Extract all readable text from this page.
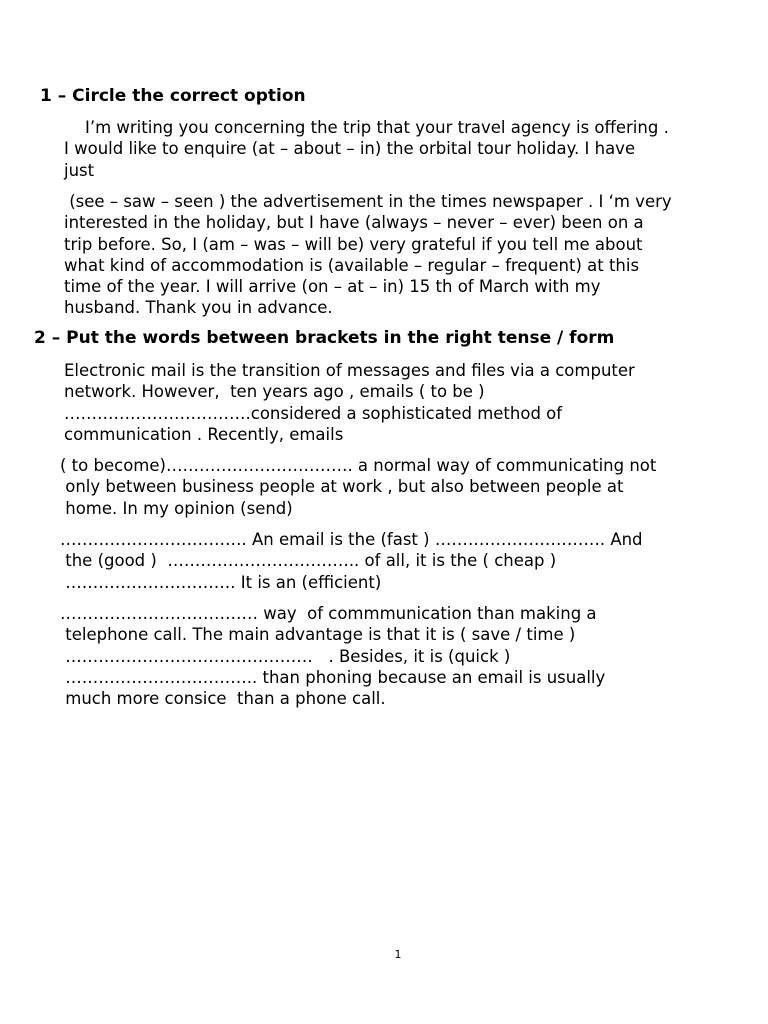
1 – Circle the correct option
I’m writing you concerning the trip that your travel agency is offering .
I would like to enquire (at – about – in) the orbital tour holiday. I have
just
(see – saw – seen ) the advertisement in the times newspaper . I ‘m very
interested in the holiday, but I have (always – never – ever) been on a
trip before. So, I (am – was – will be) very grateful if you tell me about
what kind of accommodation is (available – regular – frequent) at this
time of the year. I will arrive (on – at – in) 15 th of March with my
husband. Thank you in advance.
2 – Put the words between brackets in the right tense / form
Electronic mail is the transition of messages and files via a computer
network. However,  ten years ago , emails ( to be )
…………………………….considered a sophisticated method of
communication . Recently, emails
( to become)……………………………. a normal way of communicating not
only between business people at work , but also between people at
home. In my opinion (send)
……………………………. An email is the (fast ) …………………………. And
the (good )  …………………………….. of all, it is the ( cheap )
…………………………. It is an (efficient)
……………………………… way  of commmunication than making a
telephone call. The main advantage is that it is ( save / time )
………………………………………   . Besides, it is (quick )
…………………………….. than phoning because an email is usually
much more consice  than a phone call.
1
